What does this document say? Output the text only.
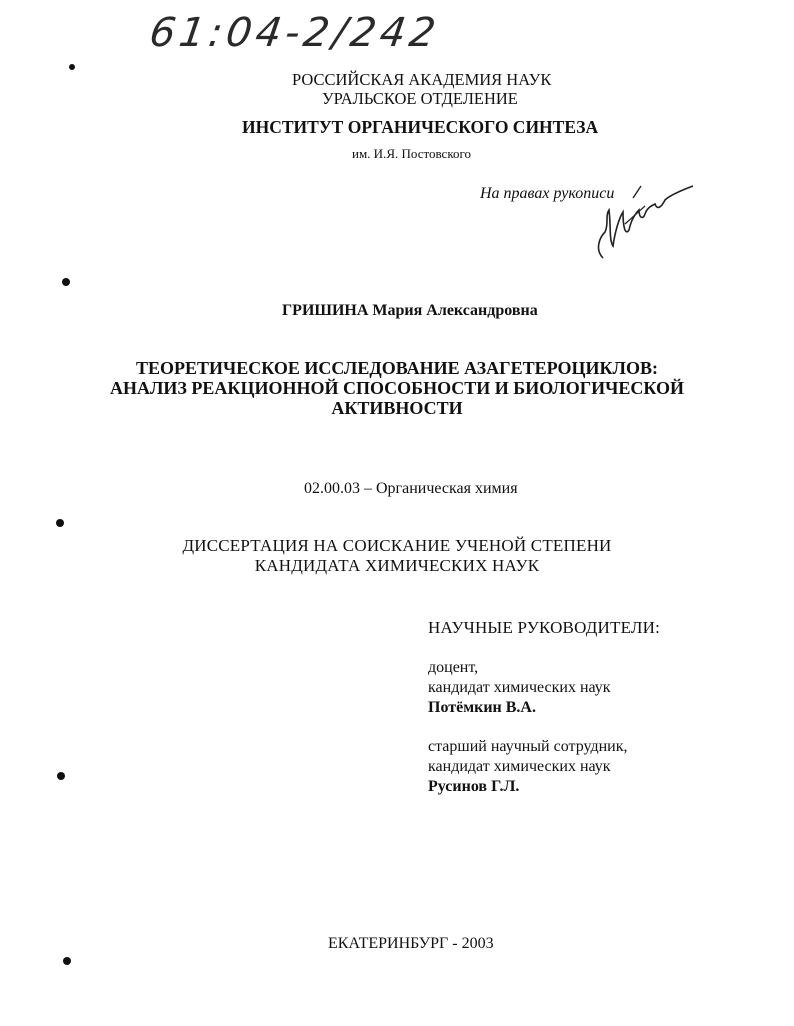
61:04-2/242
РОССИЙСКАЯ АКАДЕМИЯ НАУК
УРАЛЬСКОЕ ОТДЕЛЕНИЕ
ИНСТИТУТ ОРГАНИЧЕСКОГО СИНТЕЗА
им. И.Я. Постовского
На правах рукописи
ГРИШИНА Мария Александровна
ТЕОРЕТИЧЕСКОЕ ИССЛЕДОВАНИЕ АЗАГЕТЕРОЦИКЛОВ:
АНАЛИЗ РЕАКЦИОННОЙ СПОСОБНОСТИ И БИОЛОГИЧЕСКОЙ
АКТИВНОСТИ
02.00.03 – Органическая химия
ДИССЕРТАЦИЯ НА СОИСКАНИЕ УЧЕНОЙ СТЕПЕНИ
КАНДИДАТА ХИМИЧЕСКИХ НАУК
НАУЧНЫЕ РУКОВОДИТЕЛИ:
доцент,
кандидат химических наук
Потёмкин В.А.
старший научный сотрудник,
кандидат химических наук
Русинов Г.Л.
ЕКАТЕРИНБУРГ - 2003
